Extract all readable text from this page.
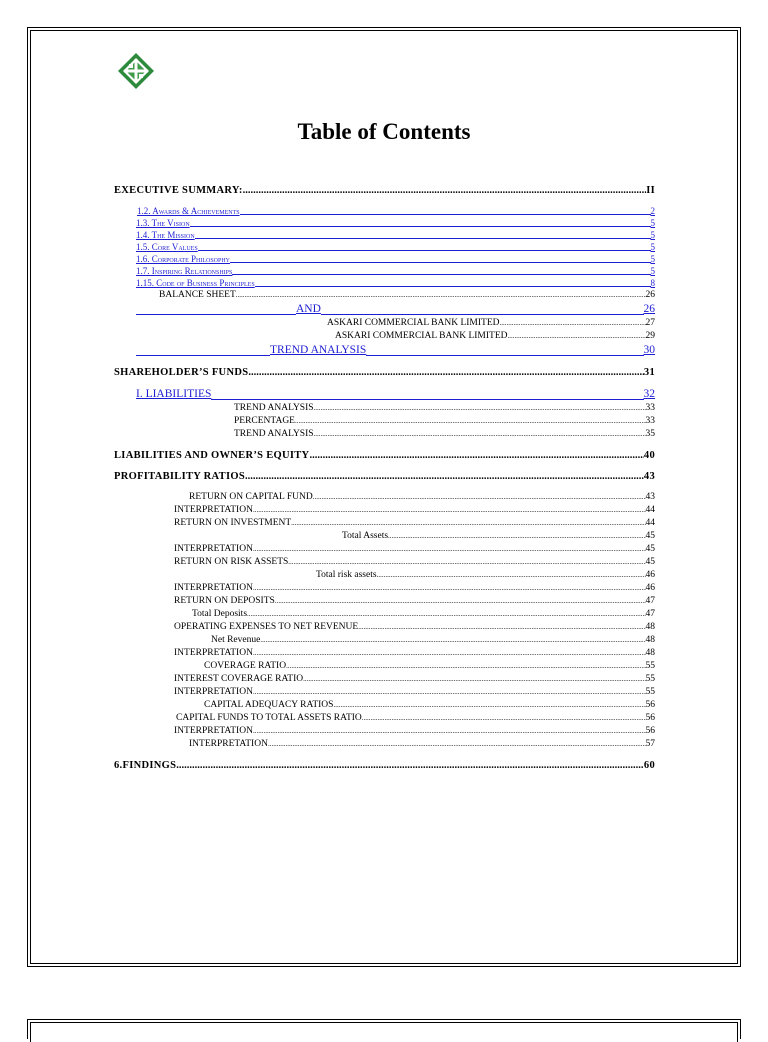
Table of Contents
EXECUTIVE SUMMARY: .....	II
1.2. Awards & Achievements	2
1.3. The Vision	5
1.4. The Mission	5
1.5. Core Values	5
1.6. Corporate Philosophy	5
1.7. Inspiring Relationships	5
1.15. Code of Business Principles	8
BALANCE SHEET .....	26
AND	26
ASKARI COMMERCIAL BANK LIMITED .....	27
ASKARI COMMERCIAL BANK LIMITED .....	29
TREND ANALYSIS	30
SHAREHOLDER’S FUNDS .....	31
I. LIABILITIES	32
TREND ANALYSIS .....	33
PERCENTAGE .....	33
TREND ANALYSIS .....	35
LIABILITIES AND OWNER’S EQUITY .....	40
PROFITABILITY RATIOS .....	43
RETURN ON CAPITAL FUND .....	43
INTERPRETATION .....	44
RETURN ON INVESTMENT .....	44
Total Assets .....	45
INTERPRETATION .....	45
RETURN ON RISK ASSETS .....	45
Total risk assets .....	46
INTERPRETATION .....	46
RETURN ON DEPOSITS .....	47
Total Deposits .....	47
OPERATING EXPENSES TO NET REVENUE .....	48
Net Revenue .....	48
INTERPRETATION .....	48
COVERAGE RATIO .....	55
INTEREST COVERAGE RATIO .....	55
INTERPRETATION .....	55
CAPITAL ADEQUACY RATIOS .....	56
CAPITAL FUNDS TO TOTAL ASSETS RATIO .....	56
INTERPRETATION .....	56
INTERPRETATION .....	57
6.FINDINGS .....	60
